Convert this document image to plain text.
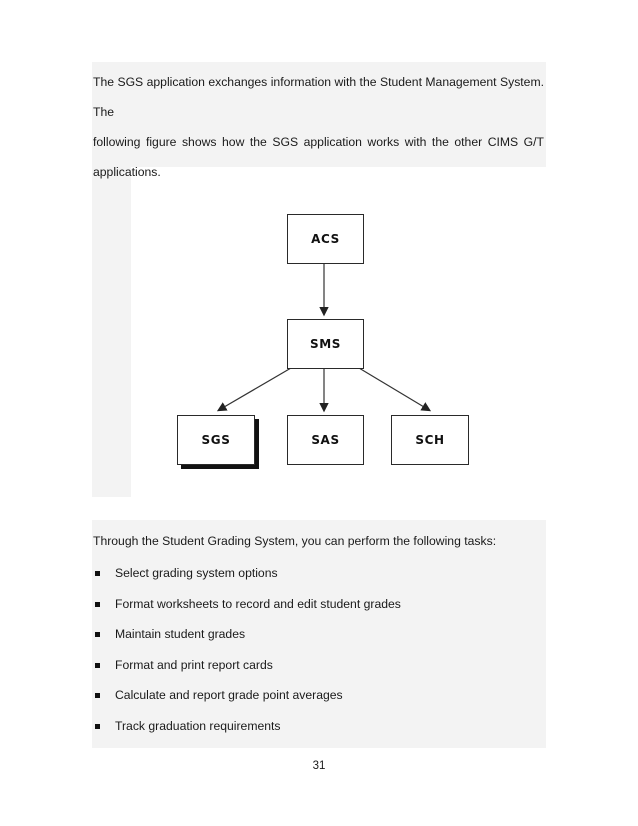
The SGS application exchanges information with the Student Management System. The
following figure shows how the SGS application works with the other CIMS G/T
applications.
ACS
SMS
SGS	SAS	SCH
Through the Student Grading System, you can perform the following tasks:
Select grading system options
Format worksheets to record and edit student grades
Maintain student grades
Format and print report cards
Calculate and report grade point averages
Track graduation requirements
31
